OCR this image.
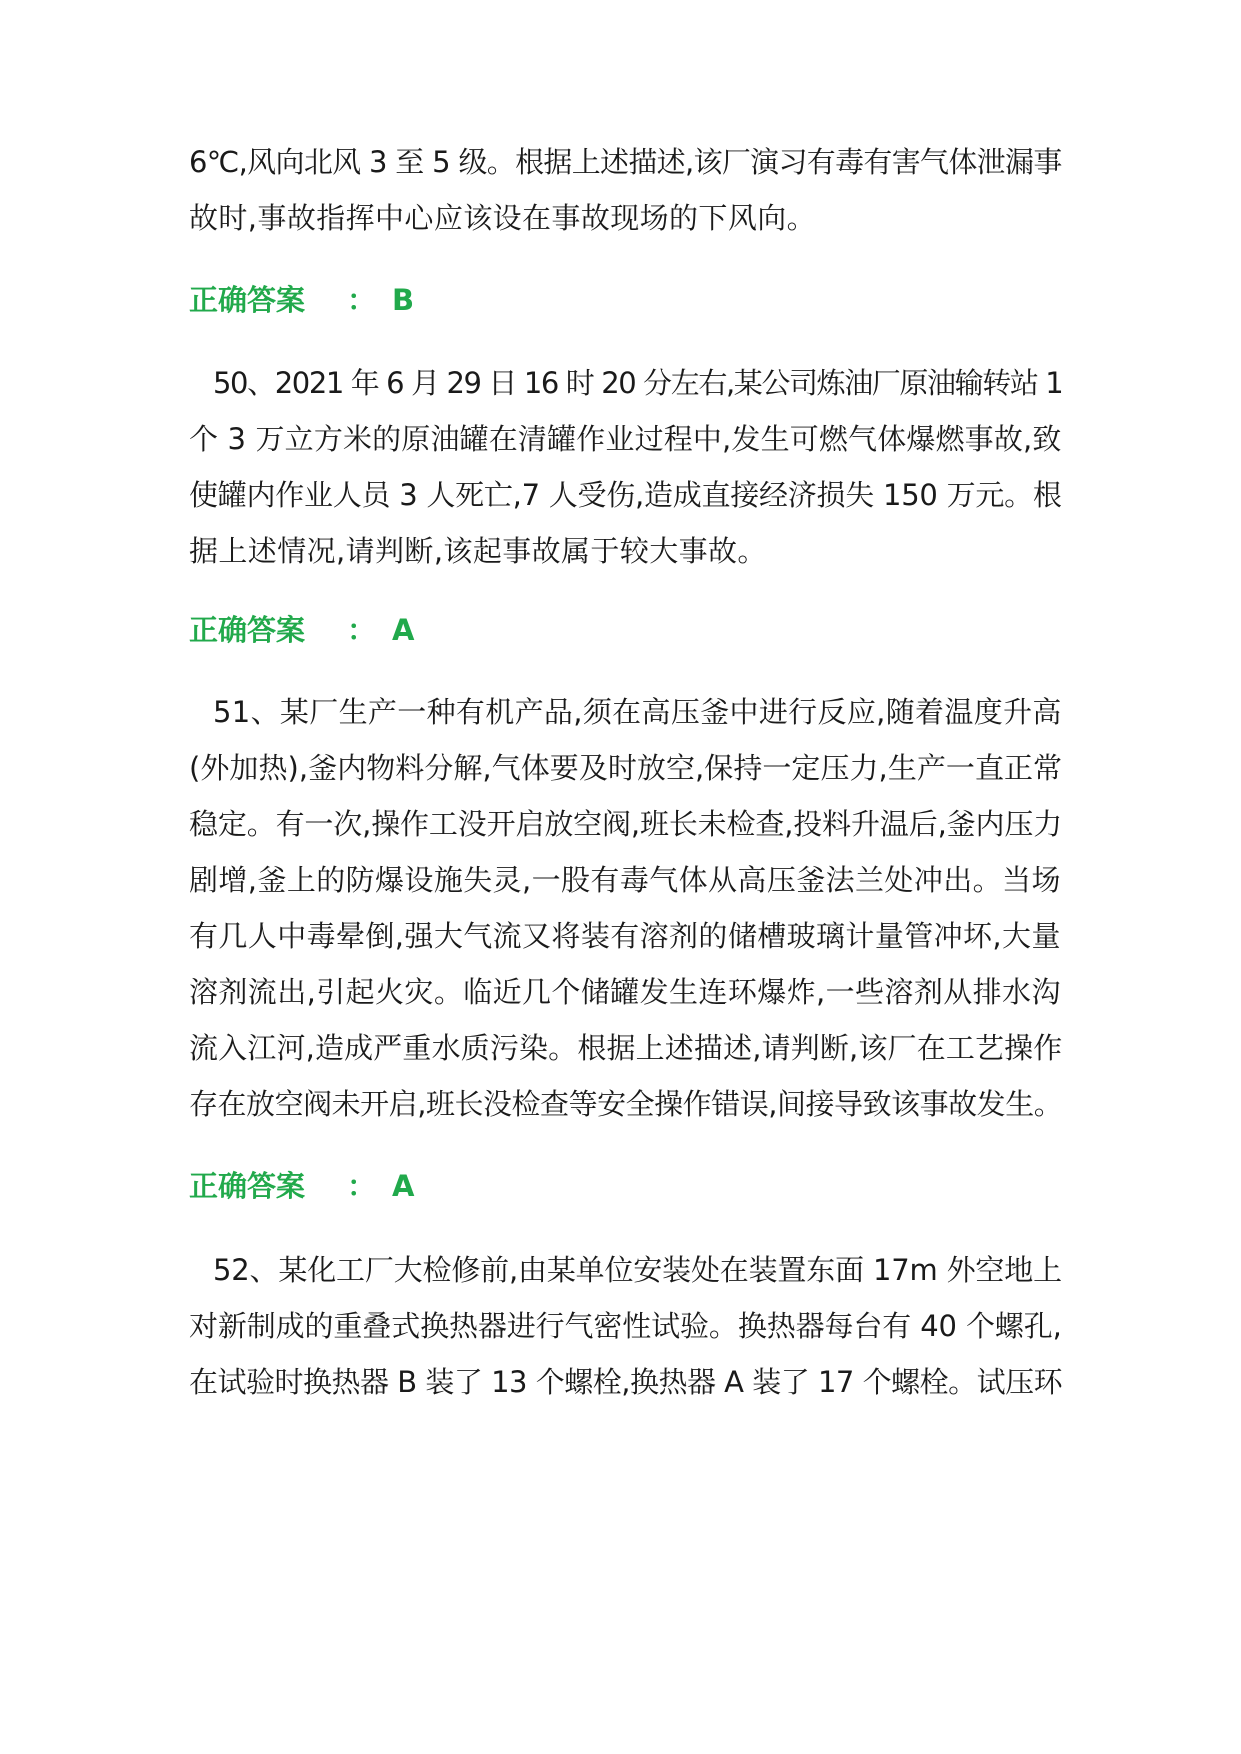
6℃,风向北风 3 至 5 级。根据上述描述,该厂演习有毒有害气体泄漏事
故时,事故指挥中心应该设在事故现场的下风向。
正确答案 ： B
50、2021 年 6 月 29 日 16 时 20 分左右,某公司炼油厂原油输转站 1
个 3 万立方米的原油罐在清罐作业过程中,发生可燃气体爆燃事故,致
使罐内作业人员 3 人死亡,7 人受伤,造成直接经济损失 150 万元。根
据上述情况,请判断,该起事故属于较大事故。
正确答案 ： A
51、某厂生产一种有机产品,须在高压釜中进行反应,随着温度升高
(外加热),釜内物料分解,气体要及时放空,保持一定压力,生产一直正常
稳定。有一次,操作工没开启放空阀,班长未检查,投料升温后,釜内压力
剧增,釜上的防爆设施失灵,一股有毒气体从高压釜法兰处冲出。当场
有几人中毒晕倒,强大气流又将装有溶剂的储槽玻璃计量管冲坏,大量
溶剂流出,引起火灾。临近几个储罐发生连环爆炸,一些溶剂从排水沟
流入江河,造成严重水质污染。根据上述描述,请判断,该厂在工艺操作
存在放空阀未开启,班长没检查等安全操作错误,间接导致该事故发生。
正确答案 ： A
52、某化工厂大检修前,由某单位安装处在装置东面 17m 外空地上
对新制成的重叠式换热器进行气密性试验。换热器每台有 40 个螺孔,
在试验时换热器 B 装了 13 个螺栓,换热器 A 装了 17 个螺栓。试压环
